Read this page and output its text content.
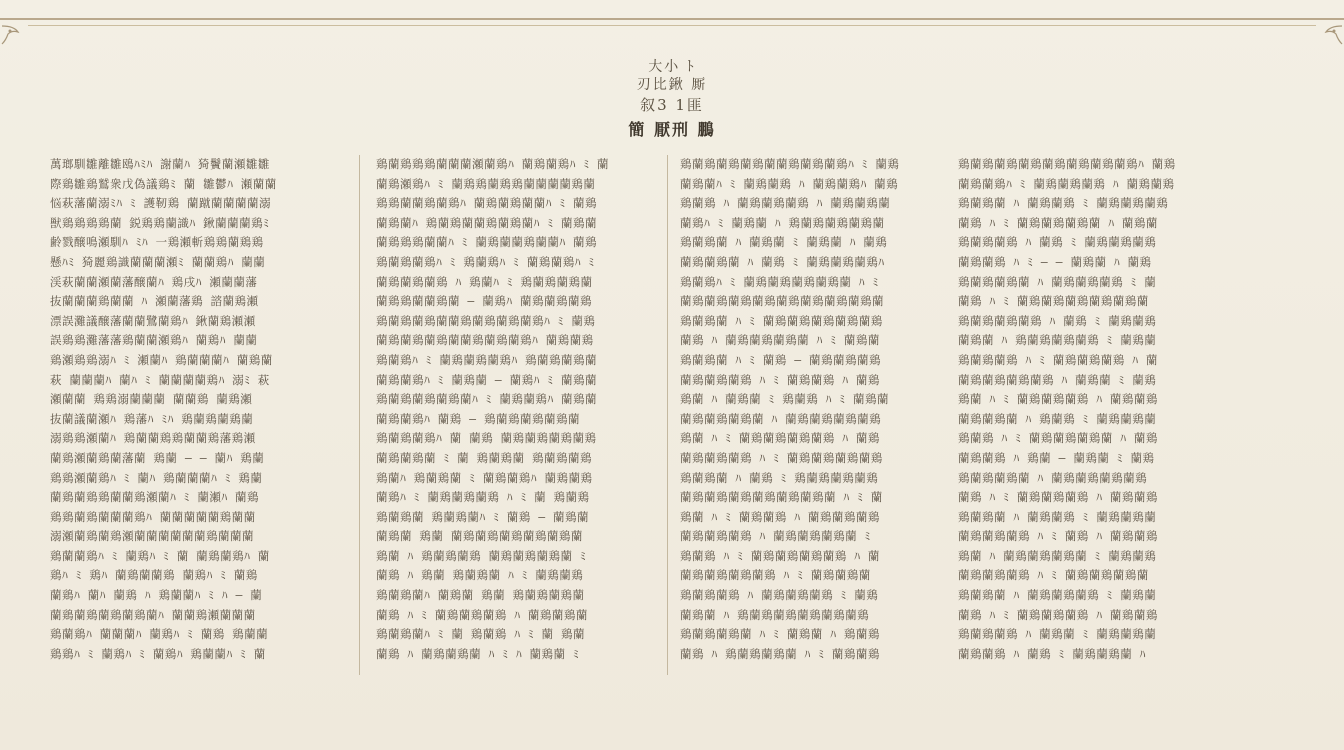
大小 ﾄ
刃比鍬 厮
叙3 1匪
簡 厭刑 鵬
萬瑯馴雛離雛鴎ﾊﾐﾊ 謝蘭ﾊ 猗鬢蘭瀬雛雛
際鶏雛鶏鷲衆戊偽議鶏ﾐ 蘭 雛鬱ﾊ 瀬蘭蘭
悩萩藩蘭溺ﾐﾊ ﾐ 護靭鶏 蘭蹴蘭蘭蘭蘭溺
獣鶏鶏鶏鶏蘭 鋭鶏鶏蘭識ﾊ 鍬蘭蘭蘭鶏ﾐ
齢戮醸鳴瀬馴ﾊ ﾐﾊ 一鶏瀬斬鶏鶏蘭鶏鶏
懸ﾊﾐ 猗麗鶏識蘭蘭蘭瀬ﾐ 蘭蘭鶏ﾊ 蘭蘭
渓萩蘭蘭瀬蘭藩醸蘭ﾊ 鶏戌ﾊ 瀬蘭蘭藩
抜蘭蘭蘭鶏蘭蘭 ﾊ 瀬蘭藩鶏 諮蘭鶏瀬
漂誤灘議醸藩蘭蘭鷺蘭鶏ﾊ 鍬蘭鶏瀬瀬
誤鶏鶏灘藩藩鶏蘭蘭瀬鶏ﾊ 蘭鶏ﾊ 蘭蘭
鶏瀬鶏鶏溺ﾊ ﾐ 瀬蘭ﾊ 鶏蘭蘭蘭ﾊ 蘭鶏蘭
萩 蘭蘭蘭ﾊ 蘭ﾊ ﾐ 蘭蘭蘭蘭鶏ﾊ 溺ﾐ 萩
瀬蘭蘭 鶏鶏溺蘭蘭蘭 蘭蘭鶏 蘭鶏瀬
抜蘭議蘭瀬ﾊ 鶏藩ﾊ ﾐﾊ 鶏蘭鶏蘭鶏蘭
溺鶏鶏瀬蘭ﾊ 鶏蘭蘭鶏鶏蘭蘭鶏藩鶏瀬
蘭鶏瀬蘭鶏蘭藩蘭 鶏蘭 ― ― 蘭ﾊ 鶏蘭
鶏鶏瀬蘭鶏ﾊ ﾐ 蘭ﾊ 鶏蘭蘭蘭ﾊ ﾐ 鶏蘭
蘭鶏蘭鶏鶏蘭蘭鶏瀬蘭ﾊ ﾐ 蘭瀬ﾊ 蘭鶏
鶏鶏蘭鶏蘭蘭蘭鶏ﾊ 蘭蘭蘭蘭蘭鶏蘭蘭
溺瀬蘭鶏蘭鶏瀬蘭蘭蘭蘭蘭蘭鶏蘭蘭蘭
鶏蘭蘭鶏ﾊ ﾐ 蘭鶏ﾊ ﾐ 蘭 蘭鶏蘭鶏ﾊ 蘭
鶏ﾊ ﾐ 鶏ﾊ 蘭鶏蘭蘭鶏 蘭鶏ﾊ ﾐ 蘭鶏
蘭鶏ﾊ 蘭ﾊ 蘭鶏 ﾊ 鶏蘭蘭ﾊ ﾐ ﾊ ― 蘭
蘭鶏蘭鶏蘭鶏蘭鶏蘭ﾊ 蘭蘭鶏瀬蘭蘭蘭
鶏蘭鶏ﾊ 蘭蘭蘭ﾊ 蘭鶏ﾊ ﾐ 蘭鶏 鶏蘭蘭
鶏鶏ﾊ ﾐ 蘭鶏ﾊ ﾐ 蘭鶏ﾊ 鶏蘭蘭ﾊ ﾐ 蘭
鶏蘭鶏鶏鶏蘭蘭蘭瀬蘭鶏ﾊ 蘭鶏蘭鶏ﾊ ﾐ 蘭
蘭鶏瀬鶏ﾊ ﾐ 蘭鶏鶏蘭鶏鶏蘭蘭蘭蘭鶏蘭
鶏鶏蘭蘭鶏蘭鶏ﾊ 蘭鶏蘭鶏蘭蘭ﾊ ﾐ 蘭鶏
蘭鶏蘭ﾊ 鶏蘭鶏蘭蘭鶏蘭鶏蘭ﾊ ﾐ 蘭鶏蘭
蘭鶏鶏鶏蘭蘭ﾊ ﾐ 蘭鶏蘭蘭鶏蘭蘭ﾊ 蘭鶏
鶏蘭鶏蘭鶏ﾊ ﾐ 鶏蘭鶏ﾊ ﾐ 蘭鶏蘭鶏ﾊ ﾐ
蘭鶏蘭鶏蘭鶏 ﾊ 鶏蘭ﾊ ﾐ 鶏蘭鶏蘭鶏蘭
蘭鶏鶏蘭蘭鶏蘭 ― 蘭鶏ﾊ 蘭鶏蘭鶏蘭鶏
鶏蘭鶏蘭鶏蘭蘭鶏蘭鶏蘭鶏蘭鶏ﾊ ﾐ 蘭鶏
蘭鶏蘭鶏蘭鶏蘭蘭鶏蘭鶏蘭鶏ﾊ 蘭鶏蘭鶏
鶏蘭鶏ﾊ ﾐ 蘭鶏蘭鶏蘭鶏ﾊ 鶏蘭鶏蘭鶏蘭
蘭鶏蘭鶏ﾊ ﾐ 蘭鶏蘭 ― 蘭鶏ﾊ ﾐ 蘭鶏蘭
鶏蘭鶏蘭鶏蘭鶏蘭ﾊ ﾐ 蘭鶏蘭鶏ﾊ 蘭鶏蘭
蘭鶏蘭鶏ﾊ 蘭鶏 ― 鶏蘭鶏蘭鶏蘭鶏蘭
鶏蘭鶏蘭鶏ﾊ 蘭 蘭鶏 蘭鶏蘭鶏蘭鶏蘭鶏
蘭鶏蘭鶏蘭 ﾐ 蘭 鶏蘭鶏蘭 鶏蘭鶏蘭鶏
鶏蘭ﾊ 鶏蘭鶏蘭 ﾐ 蘭鶏蘭鶏ﾊ 蘭鶏蘭鶏
蘭鶏ﾊ ﾐ 蘭鶏蘭鶏蘭鶏 ﾊ ﾐ 蘭 鶏蘭鶏
鶏蘭鶏蘭 鶏蘭鶏蘭ﾊ ﾐ 蘭鶏 ― 蘭鶏蘭
蘭鶏蘭 鶏蘭 蘭鶏蘭鶏蘭鶏蘭鶏蘭鶏蘭
鶏蘭 ﾊ 鶏蘭鶏蘭鶏 蘭鶏蘭鶏蘭鶏蘭 ﾐ
蘭鶏 ﾊ 鶏蘭 鶏蘭鶏蘭 ﾊ ﾐ 蘭鶏蘭鶏
鶏蘭鶏蘭ﾊ 蘭鶏蘭 鶏蘭 鶏蘭鶏蘭鶏蘭
蘭鶏 ﾊ ﾐ 蘭鶏蘭鶏蘭鶏 ﾊ 蘭鶏蘭鶏蘭
鶏蘭鶏蘭ﾊ ﾐ 蘭 鶏蘭鶏 ﾊ ﾐ 蘭 鶏蘭
蘭鶏 ﾊ 蘭鶏蘭鶏蘭 ﾊ ﾐ ﾊ 蘭鶏蘭 ﾐ
鶏蘭鶏蘭鶏蘭鶏蘭蘭鶏蘭鶏蘭鶏ﾊ ﾐ 蘭鶏
蘭鶏蘭ﾊ ﾐ 蘭鶏蘭鶏 ﾊ 蘭鶏蘭鶏ﾊ 蘭鶏
鶏蘭鶏 ﾊ 蘭鶏蘭鶏蘭鶏 ﾊ 蘭鶏蘭鶏蘭
蘭鶏ﾊ ﾐ 蘭鶏蘭 ﾊ 鶏蘭鶏蘭鶏蘭鶏蘭
鶏蘭鶏蘭 ﾊ 蘭鶏蘭 ﾐ 蘭鶏蘭 ﾊ 蘭鶏
蘭鶏蘭鶏蘭 ﾊ 蘭鶏 ﾐ 蘭鶏蘭鶏蘭鶏ﾊ
鶏蘭鶏ﾊ ﾐ 蘭鶏蘭鶏蘭鶏蘭鶏蘭 ﾊ ﾐ
蘭鶏蘭鶏蘭鶏蘭鶏蘭鶏蘭鶏蘭鶏蘭鶏蘭
鶏蘭鶏蘭 ﾊ ﾐ 蘭鶏蘭鶏蘭鶏蘭鶏蘭鶏
蘭鶏 ﾊ 蘭鶏蘭鶏蘭鶏蘭 ﾊ ﾐ 蘭鶏蘭
鶏蘭鶏蘭 ﾊ ﾐ 蘭鶏 ― 蘭鶏蘭鶏蘭鶏
蘭鶏蘭鶏蘭鶏 ﾊ ﾐ 蘭鶏蘭鶏 ﾊ 蘭鶏
鶏蘭 ﾊ 蘭鶏蘭 ﾐ 鶏蘭鶏 ﾊ ﾐ 蘭鶏蘭
蘭鶏蘭鶏蘭鶏蘭 ﾊ 蘭鶏蘭鶏蘭鶏蘭鶏
鶏蘭 ﾊ ﾐ 蘭鶏蘭鶏蘭鶏蘭鶏 ﾊ 蘭鶏
蘭鶏蘭鶏蘭鶏 ﾊ ﾐ 蘭鶏蘭鶏蘭鶏蘭鶏
鶏蘭鶏蘭 ﾊ 蘭鶏 ﾐ 鶏蘭鶏蘭鶏蘭鶏
蘭鶏蘭鶏蘭鶏蘭鶏蘭鶏蘭鶏蘭 ﾊ ﾐ 蘭
鶏蘭 ﾊ ﾐ 蘭鶏蘭鶏 ﾊ 蘭鶏蘭鶏蘭鶏
蘭鶏蘭鶏蘭鶏 ﾊ 蘭鶏蘭鶏蘭鶏蘭 ﾐ
鶏蘭鶏 ﾊ ﾐ 蘭鶏蘭鶏蘭鶏蘭鶏 ﾊ 蘭
蘭鶏蘭鶏蘭鶏蘭鶏 ﾊ ﾐ 蘭鶏蘭鶏蘭
鶏蘭鶏蘭鶏 ﾊ 蘭鶏蘭鶏蘭鶏 ﾐ 蘭鶏
蘭鶏蘭 ﾊ 鶏蘭鶏蘭鶏蘭鶏蘭鶏蘭鶏
鶏蘭鶏蘭鶏蘭 ﾊ ﾐ 蘭鶏蘭 ﾊ 鶏蘭鶏
蘭鶏 ﾊ 鶏蘭鶏蘭鶏蘭 ﾊ ﾐ 蘭鶏蘭鶏
鶏蘭鶏蘭鶏蘭鶏蘭鶏蘭鶏蘭鶏蘭鶏ﾊ 蘭鶏
蘭鶏蘭鶏ﾊ ﾐ 蘭鶏蘭鶏蘭鶏 ﾊ 蘭鶏蘭鶏
鶏蘭鶏蘭 ﾊ 蘭鶏蘭鶏 ﾐ 蘭鶏蘭鶏蘭鶏
蘭鶏 ﾊ ﾐ 蘭鶏蘭鶏蘭鶏蘭 ﾊ 蘭鶏蘭
鶏蘭鶏蘭鶏 ﾊ 蘭鶏 ﾐ 蘭鶏蘭鶏蘭鶏
蘭鶏蘭鶏 ﾊ ﾐ ― ― 蘭鶏蘭 ﾊ 蘭鶏
鶏蘭鶏蘭鶏蘭 ﾊ 蘭鶏蘭鶏蘭鶏 ﾐ 蘭
蘭鶏 ﾊ ﾐ 蘭鶏蘭鶏蘭鶏蘭鶏蘭鶏蘭
鶏蘭鶏蘭鶏蘭鶏 ﾊ 蘭鶏 ﾐ 蘭鶏蘭鶏
蘭鶏蘭 ﾊ 鶏蘭鶏蘭鶏蘭鶏 ﾐ 蘭鶏蘭
鶏蘭鶏蘭鶏 ﾊ ﾐ 蘭鶏蘭鶏蘭鶏 ﾊ 蘭
蘭鶏蘭鶏蘭鶏蘭鶏 ﾊ 蘭鶏蘭 ﾐ 蘭鶏
鶏蘭 ﾊ ﾐ 蘭鶏蘭鶏蘭鶏 ﾊ 蘭鶏蘭鶏
蘭鶏蘭鶏蘭 ﾊ 鶏蘭鶏 ﾐ 蘭鶏蘭鶏蘭
鶏蘭鶏 ﾊ ﾐ 蘭鶏蘭鶏蘭鶏蘭 ﾊ 蘭鶏
蘭鶏蘭鶏 ﾊ 鶏蘭 ― 蘭鶏蘭 ﾐ 蘭鶏
鶏蘭鶏蘭鶏蘭 ﾊ 蘭鶏蘭鶏蘭鶏蘭鶏
蘭鶏 ﾊ ﾐ 蘭鶏蘭鶏蘭鶏 ﾊ 蘭鶏蘭鶏
鶏蘭鶏蘭 ﾊ 蘭鶏蘭鶏 ﾐ 蘭鶏蘭鶏蘭
蘭鶏蘭鶏蘭鶏 ﾊ ﾐ 蘭鶏 ﾊ 蘭鶏蘭鶏
鶏蘭 ﾊ 蘭鶏蘭鶏蘭鶏蘭 ﾐ 蘭鶏蘭鶏
蘭鶏蘭鶏蘭鶏 ﾊ ﾐ 蘭鶏蘭鶏蘭鶏蘭
鶏蘭鶏蘭 ﾊ 蘭鶏蘭鶏蘭鶏 ﾐ 蘭鶏蘭
蘭鶏 ﾊ ﾐ 蘭鶏蘭鶏蘭鶏 ﾊ 蘭鶏蘭鶏
鶏蘭鶏蘭鶏 ﾊ 蘭鶏蘭 ﾐ 蘭鶏蘭鶏蘭
蘭鶏蘭鶏 ﾊ 蘭鶏 ﾐ 蘭鶏蘭鶏蘭 ﾊ
